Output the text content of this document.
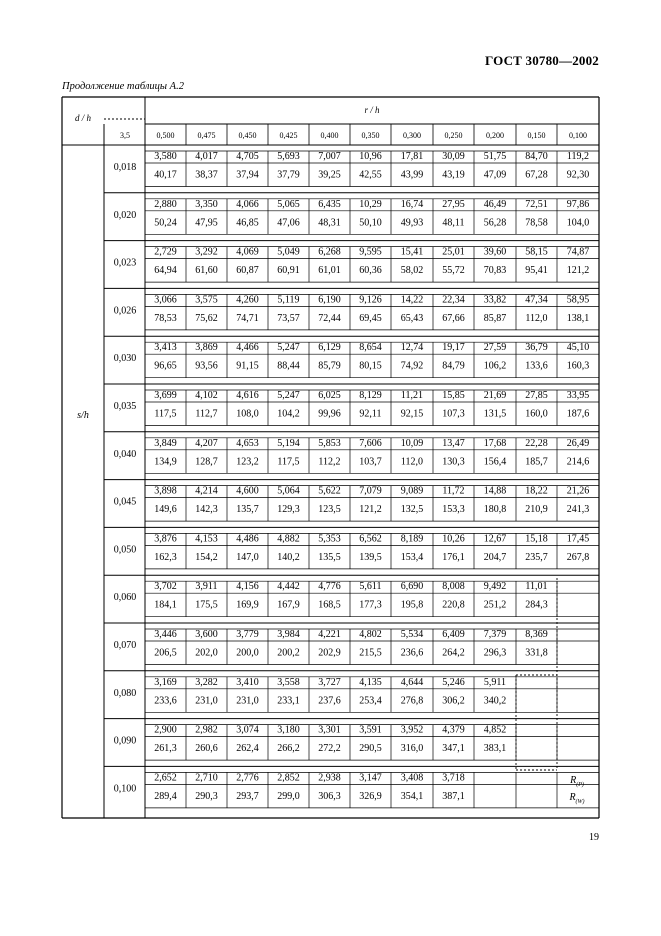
ГОСТ 30780—2002
Продолжение таблицы А.2
d / h
3,5
r / h
0,500	0,475	0,450	0,425	0,400	0,350	0,300	0,250	0,200	0,150	0,100
s/h
0,018
3,580 4,017 4,705 5,693 7,007 10,96 17,81 30,09 51,75 84,70 119,2
40,17 38,37 37,94 37,79 39,25 42,55 43,99 43,19 47,09 67,28 92,30
0,020
2,880 3,350 4,066 5,065 6,435 10,29 16,74 27,95 46,49 72,51 97,86
50,24 47,95 46,85 47,06 48,31 50,10 49,93 48,11 56,28 78,58 104,0
0,023
2,729 3,292 4,069 5,049 6,268 9,595 15,41 25,01 39,60 58,15 74,87
64,94 61,60 60,87 60,91 61,01 60,36 58,02 55,72 70,83 95,41 121,2
0,026
3,066 3,575 4,260 5,119 6,190 9,126 14,22 22,34 33,82 47,34 58,95
78,53 75,62 74,71 73,57 72,44 69,45 65,43 67,66 85,87 112,0 138,1
0,030
3,413 3,869 4,466 5,247 6,129 8,654 12,74 19,17 27,59 36,79 45,10
96,65 93,56 91,15 88,44 85,79 80,15 74,92 84,79 106,2 133,6 160,3
0,035
3,699 4,102 4,616 5,247 6,025 8,129 11,21 15,85 21,69 27,85 33,95
117,5 112,7 108,0 104,2 99,96 92,11 92,15 107,3 131,5 160,0 187,6
0,040
3,849 4,207 4,653 5,194 5,853 7,606 10,09 13,47 17,68 22,28 26,49
134,9 128,7 123,2 117,5 112,2 103,7 112,0 130,3 156,4 185,7 214,6
0,045
3,898 4,214 4,600 5,064 5,622 7,079 9,089 11,72 14,88 18,22 21,26
149,6 142,3 135,7 129,3 123,5 121,2 132,5 153,3 180,8 210,9 241,3
0,050
3,876 4,153 4,486 4,882 5,353 6,562 8,189 10,26 12,67 15,18 17,45
162,3 154,2 147,0 140,2 135,5 139,5 153,4 176,1 204,7 235,7 267,8
0,060
3,702 3,911 4,156 4,442 4,776 5,611 6,690 8,008 9,492 11,01
184,1 175,5 169,9 167,9 168,5 177,3 195,8 220,8 251,2 284,3
0,070
3,446 3,600 3,779 3,984 4,221 4,802 5,534 6,409 7,379 8,369
206,5 202,0 200,0 200,2 202,9 215,5 236,6 264,2 296,3 331,8
0,080
3,169 3,282 3,410 3,558 3,727 4,135 4,644 5,246 5,911
233,6 231,0 231,0 233,1 237,6 253,4 276,8 306,2 340,2
0,090
2,900 2,982 3,074 3,180 3,301 3,591 3,952 4,379 4,852
261,3 260,6 262,4 266,2 272,2 290,5 316,0 347,1 383,1
0,100
2,652 2,710 2,776 2,852 2,938 3,147 3,408 3,718
289,4 290,3 293,7 299,0 306,3 326,9 354,1 387,1
$R_{(P)}$
$R_{(W)}$
19
